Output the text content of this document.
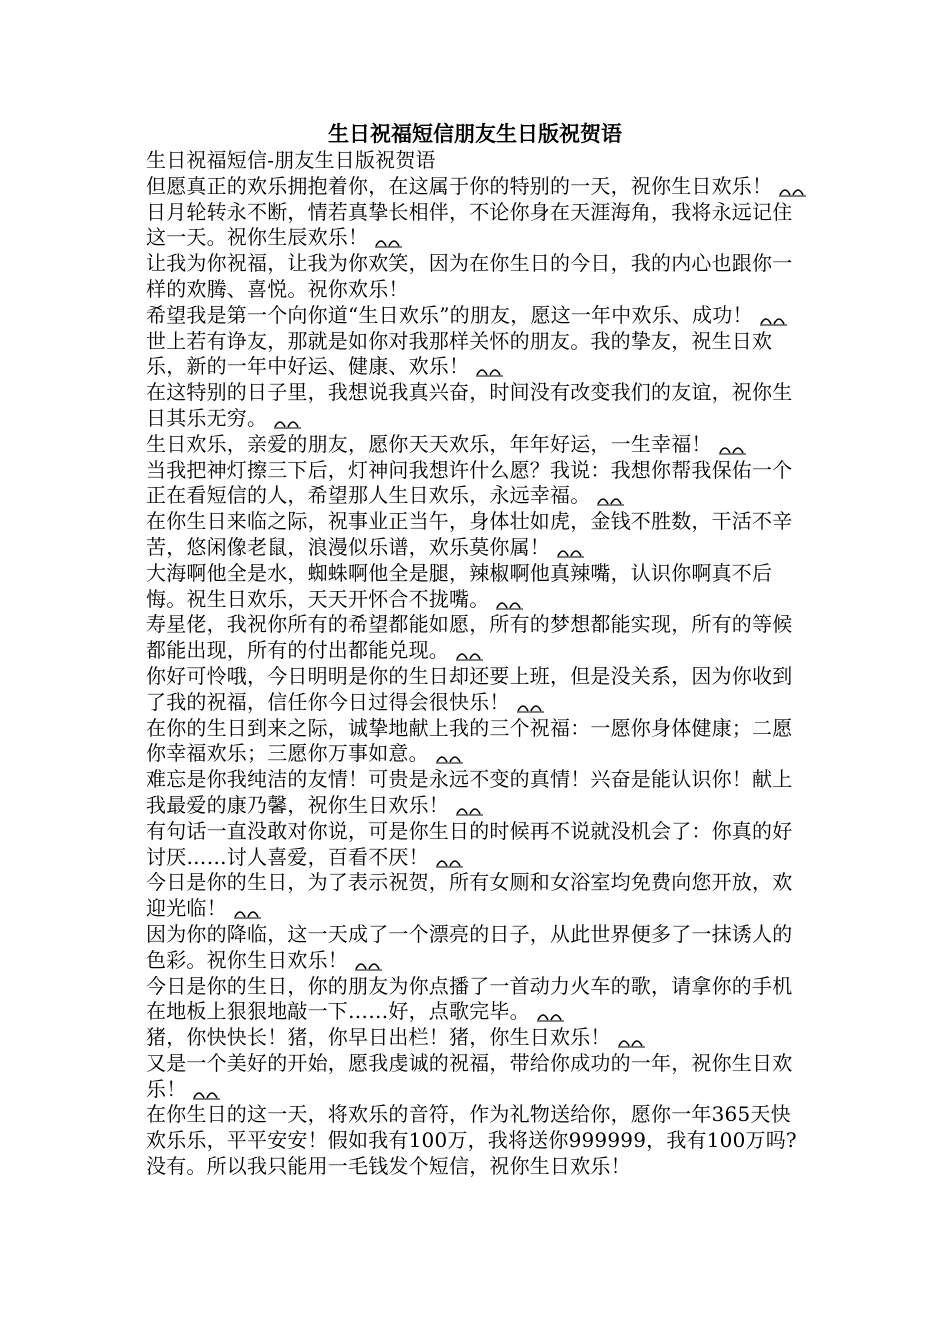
生日祝福短信朋友生日版祝贺语
生日祝福短信-朋友生日版祝贺语
但愿真正的欢乐拥抱着你，在这属于你的特别的一天，祝你生日欢乐！
日月轮转永不断，情若真挚长相伴，不论你身在天涯海角，我将永远记住这一天。祝你生辰欢乐！
让我为你祝福，让我为你欢笑，因为在你生日的今日，我的内心也跟你一样的欢腾、喜悦。祝你欢乐！
希望我是第一个向你道“生日欢乐”的朋友，愿这一年中欢乐、成功！
世上若有诤友，那就是如你对我那样关怀的朋友。我的挚友，祝生日欢乐，新的一年中好运、健康、欢乐！
在这特别的日子里，我想说我真兴奋，时间没有改变我们的友谊，祝你生日其乐无穷。
生日欢乐，亲爱的朋友，愿你天天欢乐，年年好运，一生幸福！
当我把神灯擦三下后，灯神问我想许什么愿？我说：我想你帮我保佑一个正在看短信的人，希望那人生日欢乐，永远幸福。
在你生日来临之际，祝事业正当午，身体壮如虎，金钱不胜数，干活不辛苦，悠闲像老鼠，浪漫似乐谱，欢乐莫你属！
大海啊他全是水，蜘蛛啊他全是腿，辣椒啊他真辣嘴，认识你啊真不后悔。祝生日欢乐，天天开怀合不拢嘴。
寿星佬，我祝你所有的希望都能如愿，所有的梦想都能实现，所有的等候都能出现，所有的付出都能兑现。
你好可怜哦，今日明明是你的生日却还要上班，但是没关系，因为你收到了我的祝福，信任你今日过得会很快乐！
在你的生日到来之际，诚挚地献上我的三个祝福：一愿你身体健康；二愿你幸福欢乐；三愿你万事如意。
难忘是你我纯洁的友情！可贵是永远不变的真情！兴奋是能认识你！献上我最爱的康乃馨，祝你生日欢乐！
有句话一直没敢对你说，可是你生日的时候再不说就没机会了：你真的好讨厌……讨人喜爱，百看不厌！
今日是你的生日，为了表示祝贺，所有女厕和女浴室均免费向您开放，欢迎光临！
因为你的降临，这一天成了一个漂亮的日子，从此世界便多了一抹诱人的色彩。祝你生日欢乐！
今日是你的生日，你的朋友为你点播了一首动力火车的歌，请拿你的手机在地板上狠狠地敲一下……好，点歌完毕。
猪，你快快长！猪，你早日出栏！猪，你生日欢乐！
又是一个美好的开始，愿我虔诚的祝福，带给你成功的一年，祝你生日欢乐！
在你生日的这一天，将欢乐的音符，作为礼物送给你，愿你一年365天快欢乐乐，平平安安！假如我有100万，我将送你999999，我有100万吗?没有。所以我只能用一毛钱发个短信，祝你生日欢乐！
